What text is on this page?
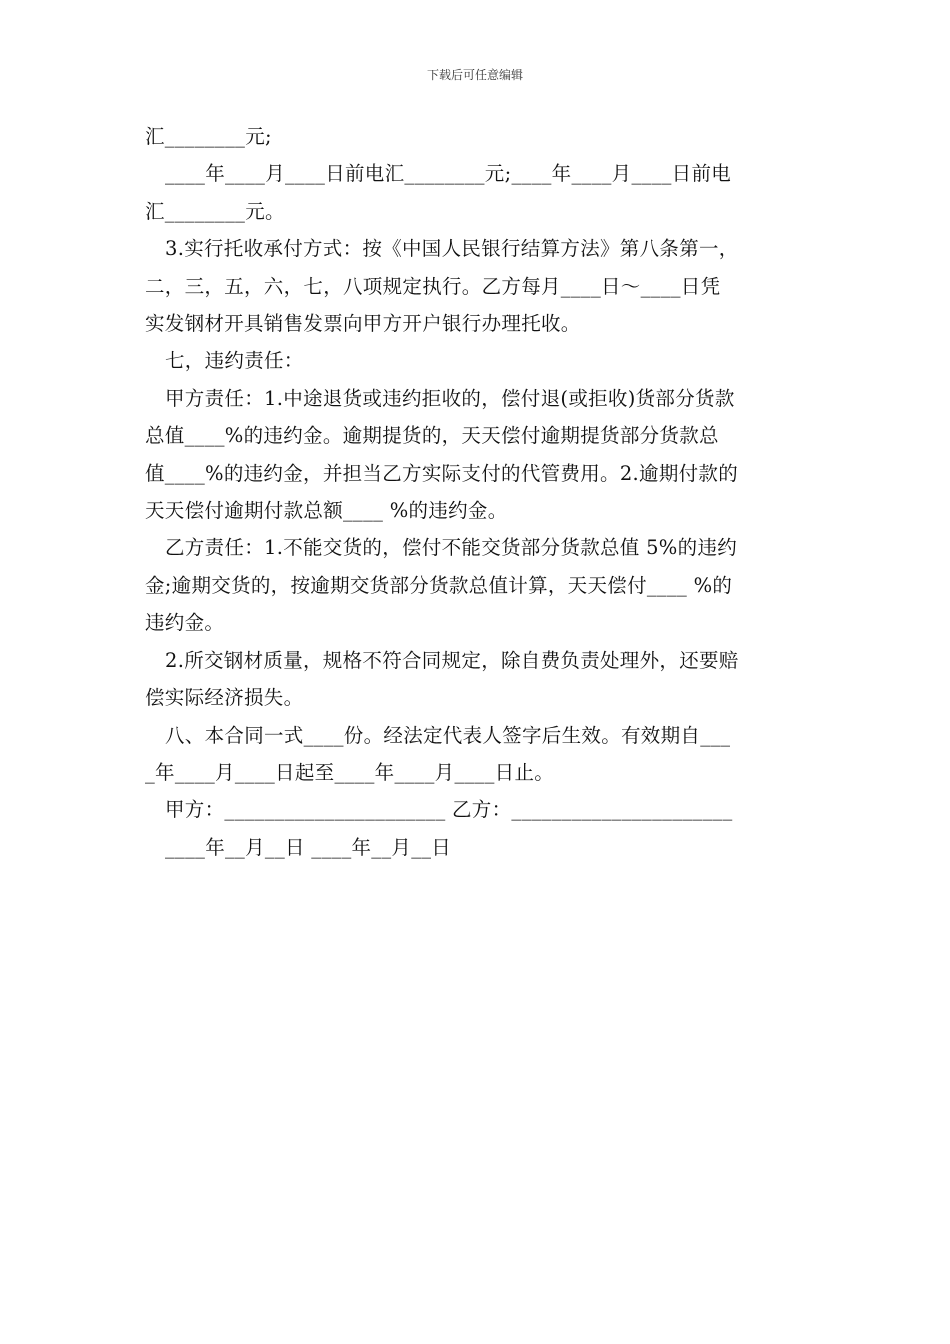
下载后可任意编辑
汇________元;
____年____月____日前电汇________元;____年____月____日前电
汇________元。
3.实行托收承付方式：按《中国人民银行结算方法》第八条第一，
二，三，五，六，七，八项规定执行。乙方每月____日～____日凭
实发钢材开具销售发票向甲方开户银行办理托收。
七，违约责任：
甲方责任：1.中途退货或违约拒收的，偿付退(或拒收)货部分货款
总值____%的违约金。逾期提货的，天天偿付逾期提货部分货款总
值____%的违约金，并担当乙方实际支付的代管费用。2.逾期付款的
天天偿付逾期付款总额____ %的违约金。
乙方责任：1.不能交货的，偿付不能交货部分货款总值 5%的违约
金;逾期交货的，按逾期交货部分货款总值计算，天天偿付____ %的
违约金。
2.所交钢材质量，规格不符合同规定，除自费负责处理外，还要赔
偿实际经济损失。
八、本合同一式____份。经法定代表人签字后生效。有效期自___
_年____月____日起至____年____月____日止。
甲方：______________________ 乙方：______________________
____年__月__日 ____年__月__日
